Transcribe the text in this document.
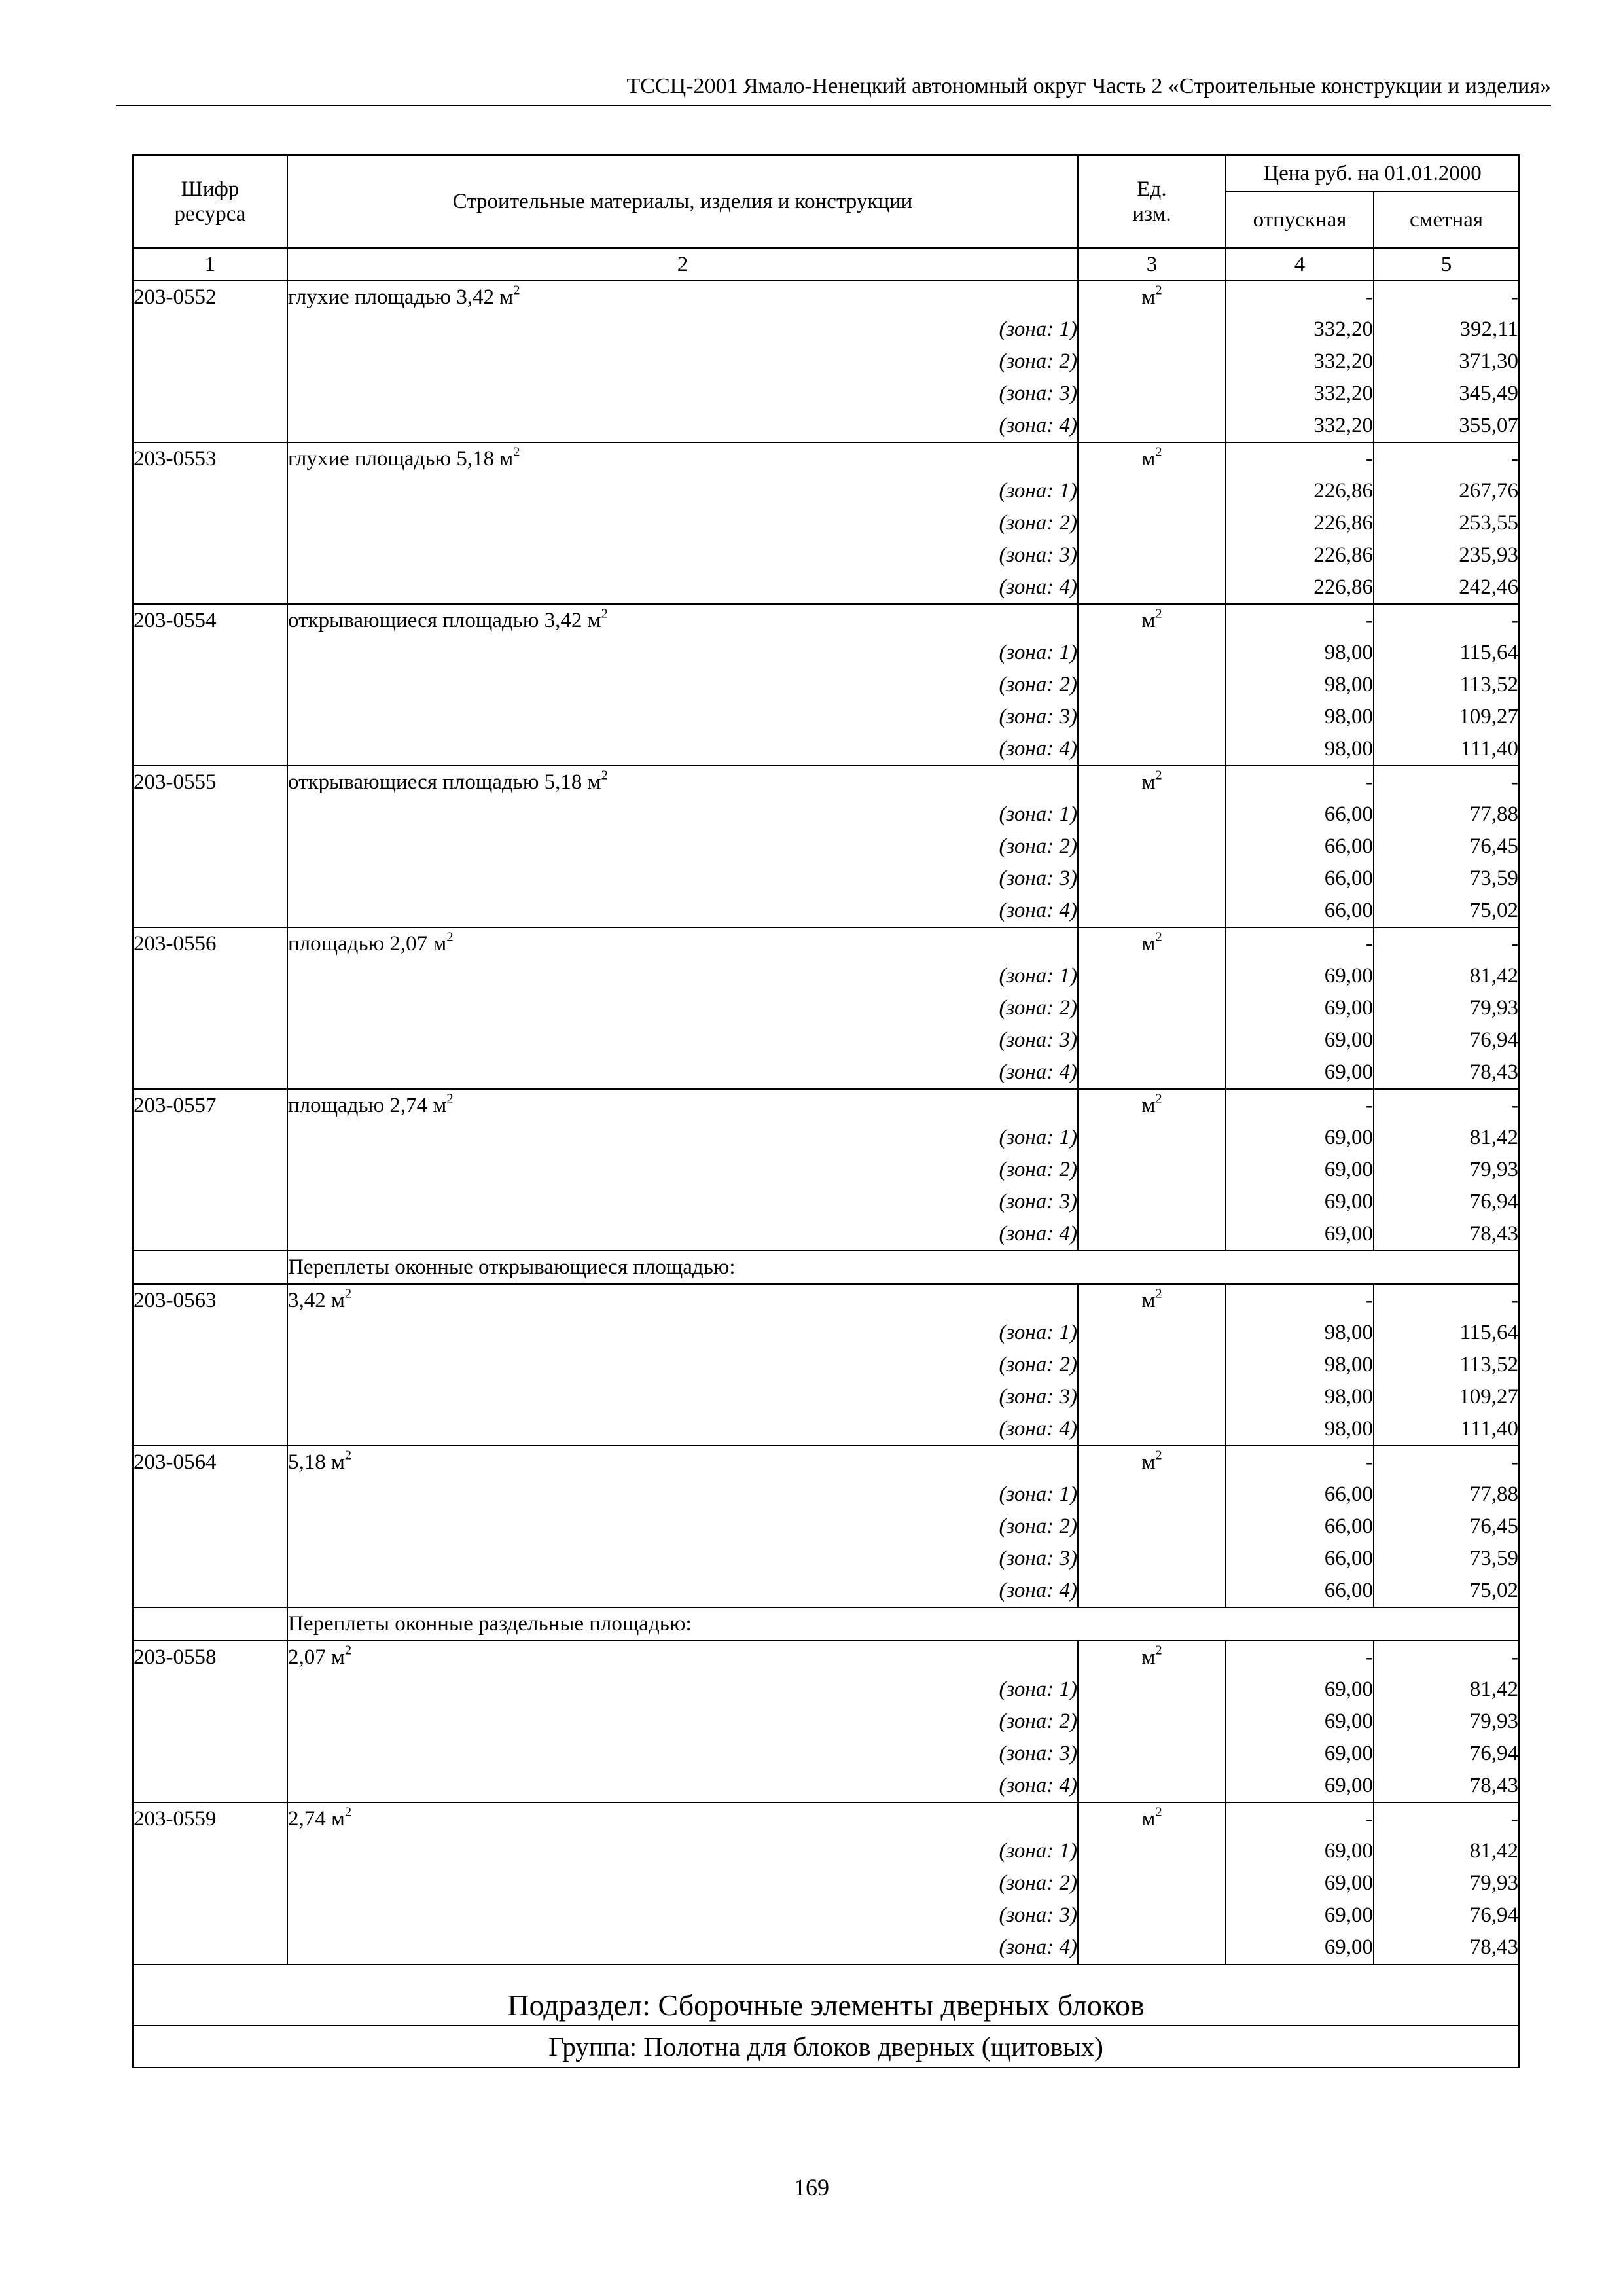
ТССЦ-2001 Ямало-Ненецкий автономный округ Часть 2 «Строительные конструкции и изделия»
Шифр
ресурса	Строительные материалы, изделия и конструкции	Ед.
изм.	Цена руб. на 01.01.2000	
			отпускная	сметная
1	2	3	4	5
203-0552	глухие площадью 3,42 $м^2$	$м^2$	-	-
	(зона: 1)		332,20	392,11
	(зона: 2)		332,20	371,30
	(зона: 3)		332,20	345,49
	(зона: 4)		332,20	355,07
203-0553	глухие площадью 5,18 $м^2$	$м^2$	-	-
	(зона: 1)		226,86	267,76
	(зона: 2)		226,86	253,55
	(зона: 3)		226,86	235,93
	(зона: 4)		226,86	242,46
203-0554	открывающиеся площадью 3,42 $м^2$	$м^2$	-	-
	(зона: 1)		98,00	115,64
	(зона: 2)		98,00	113,52
	(зона: 3)		98,00	109,27
	(зона: 4)		98,00	111,40
203-0555	открывающиеся площадью 5,18 $м^2$	$м^2$	-	-
	(зона: 1)		66,00	77,88
	(зона: 2)		66,00	76,45
	(зона: 3)		66,00	73,59
	(зона: 4)		66,00	75,02
203-0556	площадью 2,07 $м^2$	$м^2$	-	-
	(зона: 1)		69,00	81,42
	(зона: 2)		69,00	79,93
	(зона: 3)		69,00	76,94
	(зона: 4)		69,00	78,43
203-0557	площадью 2,74 $м^2$	$м^2$	-	-
	(зона: 1)		69,00	81,42
	(зона: 2)		69,00	79,93
	(зона: 3)		69,00	76,94
	(зона: 4)		69,00	78,43
	Переплеты оконные открывающиеся площадью:			
203-0563	3,42 $м^2$	$м^2$	-	-
	(зона: 1)		98,00	115,64
	(зона: 2)		98,00	113,52
	(зона: 3)		98,00	109,27
	(зона: 4)		98,00	111,40
203-0564	5,18 $м^2$	$м^2$	-	-
	(зона: 1)		66,00	77,88
	(зона: 2)		66,00	76,45
	(зона: 3)		66,00	73,59
	(зона: 4)		66,00	75,02
	Переплеты оконные раздельные площадью:			
203-0558	2,07 $м^2$	$м^2$	-	-
	(зона: 1)		69,00	81,42
	(зона: 2)		69,00	79,93
	(зона: 3)		69,00	76,94
	(зона: 4)		69,00	78,43
203-0559	2,74 $м^2$	$м^2$	-	-
	(зона: 1)		69,00	81,42
	(зона: 2)		69,00	79,93
	(зона: 3)		69,00	76,94
	(зона: 4)		69,00	78,43
Подраздел: Сборочные элементы дверных блоков				
Группа: Полотна для блоков дверных (щитовых)				
169
